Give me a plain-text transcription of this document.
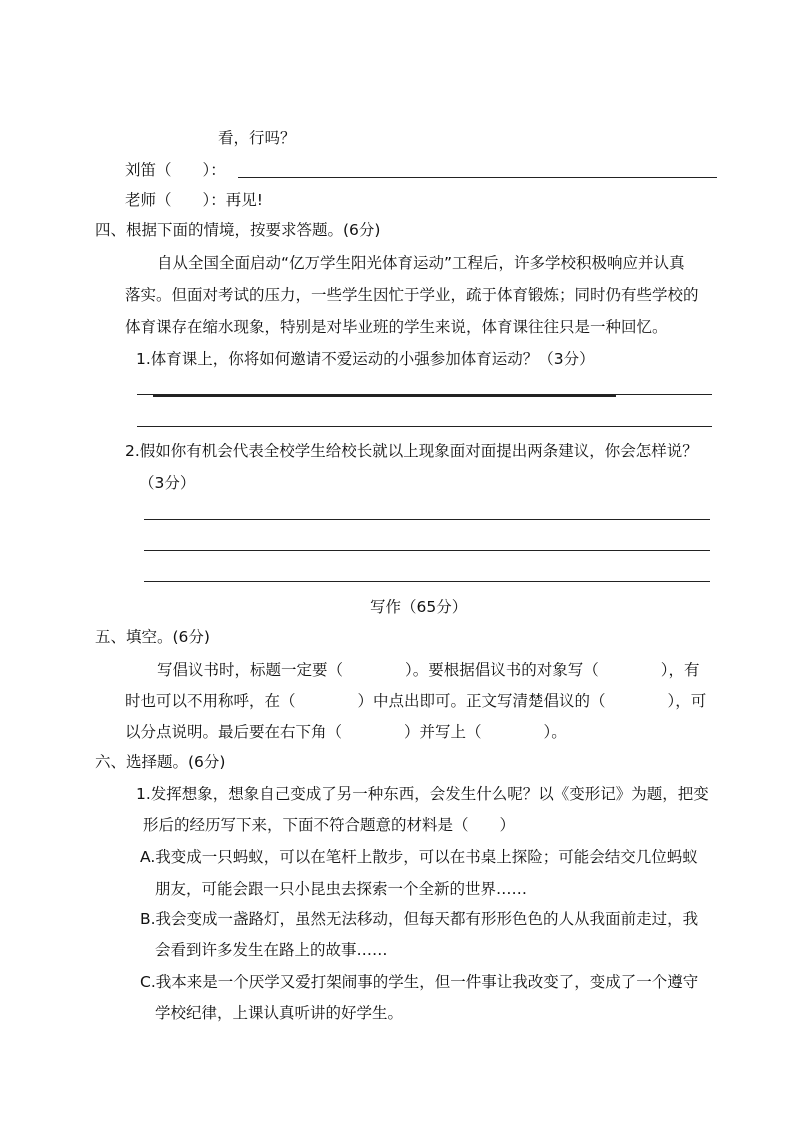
看，行吗？
刘笛（　　）：
老师（　　）：再见!
四、根据下面的情境，按要求答题。(6分)
自从全国全面启动“亿万学生阳光体育运动”工程后，许多学校积极响应并认真
落实。但面对考试的压力，一些学生因忙于学业，疏于体育锻炼；同时仍有些学校的
体育课存在缩水现象，特别是对毕业班的学生来说，体育课往往只是一种回忆。
1.体育课上，你将如何邀请不爱运动的小强参加体育运动？（3分）
2.假如你有机会代表全校学生给校长就以上现象面对面提出两条建议，你会怎样说？
（3分）
写作（65分）
五、填空。(6分)
写倡议书时，标题一定要（　　　　）。要根据倡议书的对象写（　　　　），有
时也可以不用称呼，在（　　　　）中点出即可。正文写清楚倡议的（　　　　），可
以分点说明。最后要在右下角（　　　　）并写上（　　　　）。
六、选择题。(6分)
1.发挥想象，想象自己变成了另一种东西，会发生什么呢？以《变形记》为题，把变
形后的经历写下来，下面不符合题意的材料是（　　）
A.我变成一只蚂蚁，可以在笔杆上散步，可以在书桌上探险；可能会结交几位蚂蚁
朋友，可能会跟一只小昆虫去探索一个全新的世界……
B.我会变成一盏路灯，虽然无法移动，但每天都有形形色色的人从我面前走过，我
会看到许多发生在路上的故事……
C.我本来是一个厌学又爱打架闹事的学生，但一件事让我改变了，变成了一个遵守
学校纪律，上课认真听讲的好学生。
